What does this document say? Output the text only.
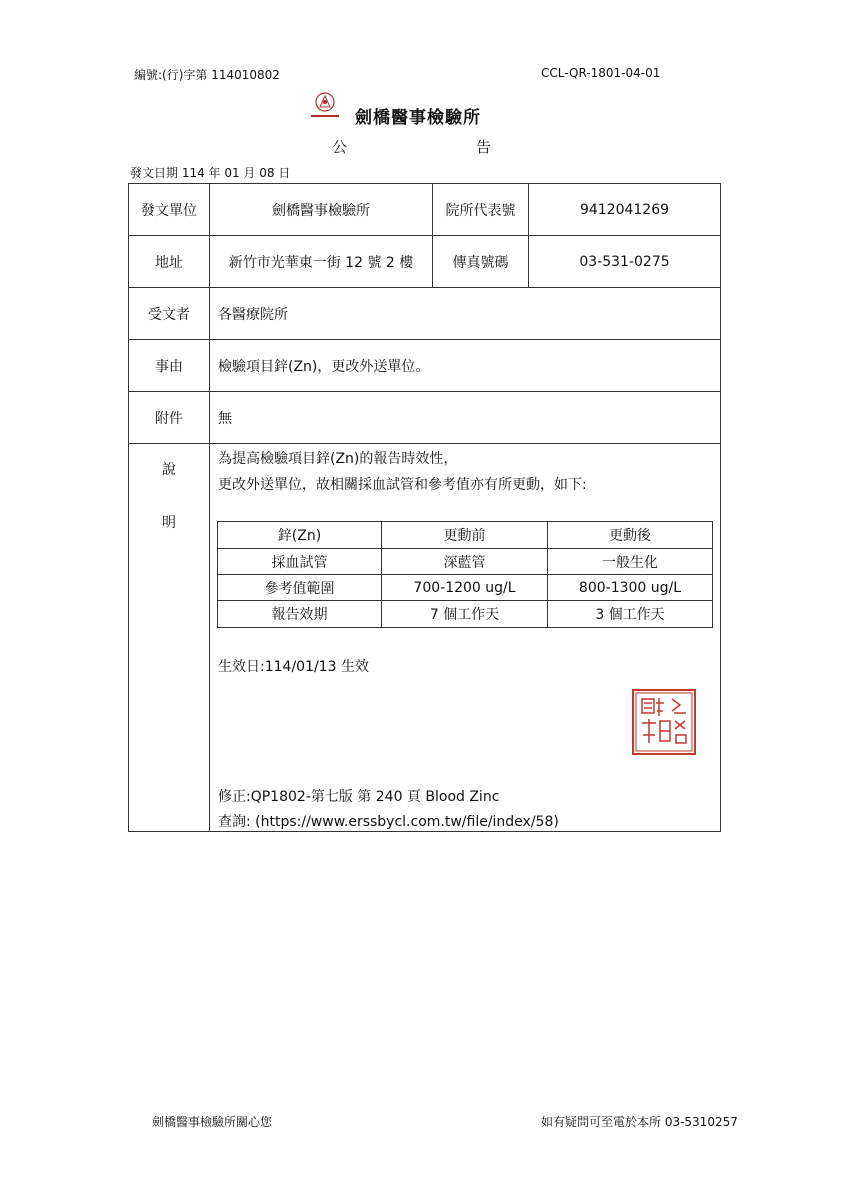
編號:(行)字第 114010802	CCL-QR-1801-04-01
劍橋醫事檢驗所
公	告
發文日期 114 年 01 月 08 日
發文單位	劍橋醫事檢驗所	院所代表號	9412041269
地址	新竹市光華東一街 12 號 2 樓	傳真號碼	03-531-0275
受文者	各醫療院所
事由	檢驗項目鋅(Zn)，更改外送單位。
附件	無
說
明
為提高檢驗項目鋅(Zn)的報告時效性，
更改外送單位，故相關採血試管和參考值亦有所更動，如下:
鋅(Zn)	更動前	更動後
採血試管	深藍管	一般生化
參考值範圍	700-1200 ug/L	800-1300 ug/L
報告效期	7 個工作天	3 個工作天
生效日:114/01/13 生效
修正:QP1802-第七版 第 240 頁 Blood Zinc
查詢: (https://www.erssbycl.com.tw/file/index/58)
劍橋醫事檢驗所關心您	如有疑問可至電於本所 03-5310257
